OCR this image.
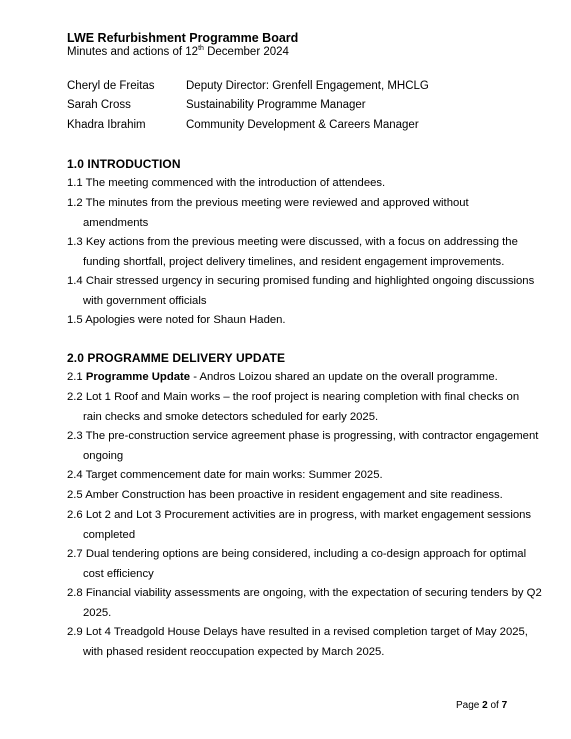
LWE Refurbishment Programme Board
Minutes and actions of 12th December 2024
Cheryl de Freitas	Deputy Director: Grenfell Engagement, MHCLG
Sarah Cross	Sustainability Programme Manager
Khadra Ibrahim	Community Development & Careers Manager
1.0 INTRODUCTION
1.1 The meeting commenced with the introduction of attendees.
1.2 The minutes from the previous meeting were reviewed and approved without
amendments
1.3 Key actions from the previous meeting were discussed, with a focus on addressing the
funding shortfall, project delivery timelines, and resident engagement improvements.
1.4 Chair stressed urgency in securing promised funding and highlighted ongoing discussions
with government officials
1.5 Apologies were noted for Shaun Haden.
2.0 PROGRAMME DELIVERY UPDATE
2.1 Programme Update - Andros Loizou shared an update on the overall programme.
2.2 Lot 1 Roof and Main works – the roof project is nearing completion with final checks on
rain checks and smoke detectors scheduled for early 2025.
2.3 The pre-construction service agreement phase is progressing, with contractor engagement
ongoing
2.4 Target commencement date for main works: Summer 2025.
2.5 Amber Construction has been proactive in resident engagement and site readiness.
2.6 Lot 2 and Lot 3 Procurement activities are in progress, with market engagement sessions
completed
2.7 Dual tendering options are being considered, including a co-design approach for optimal
cost efficiency
2.8 Financial viability assessments are ongoing, with the expectation of securing tenders by Q2
2025.
2.9 Lot 4 Treadgold House Delays have resulted in a revised completion target of May 2025,
with phased resident reoccupation expected by March 2025.
Page 2 of 7
